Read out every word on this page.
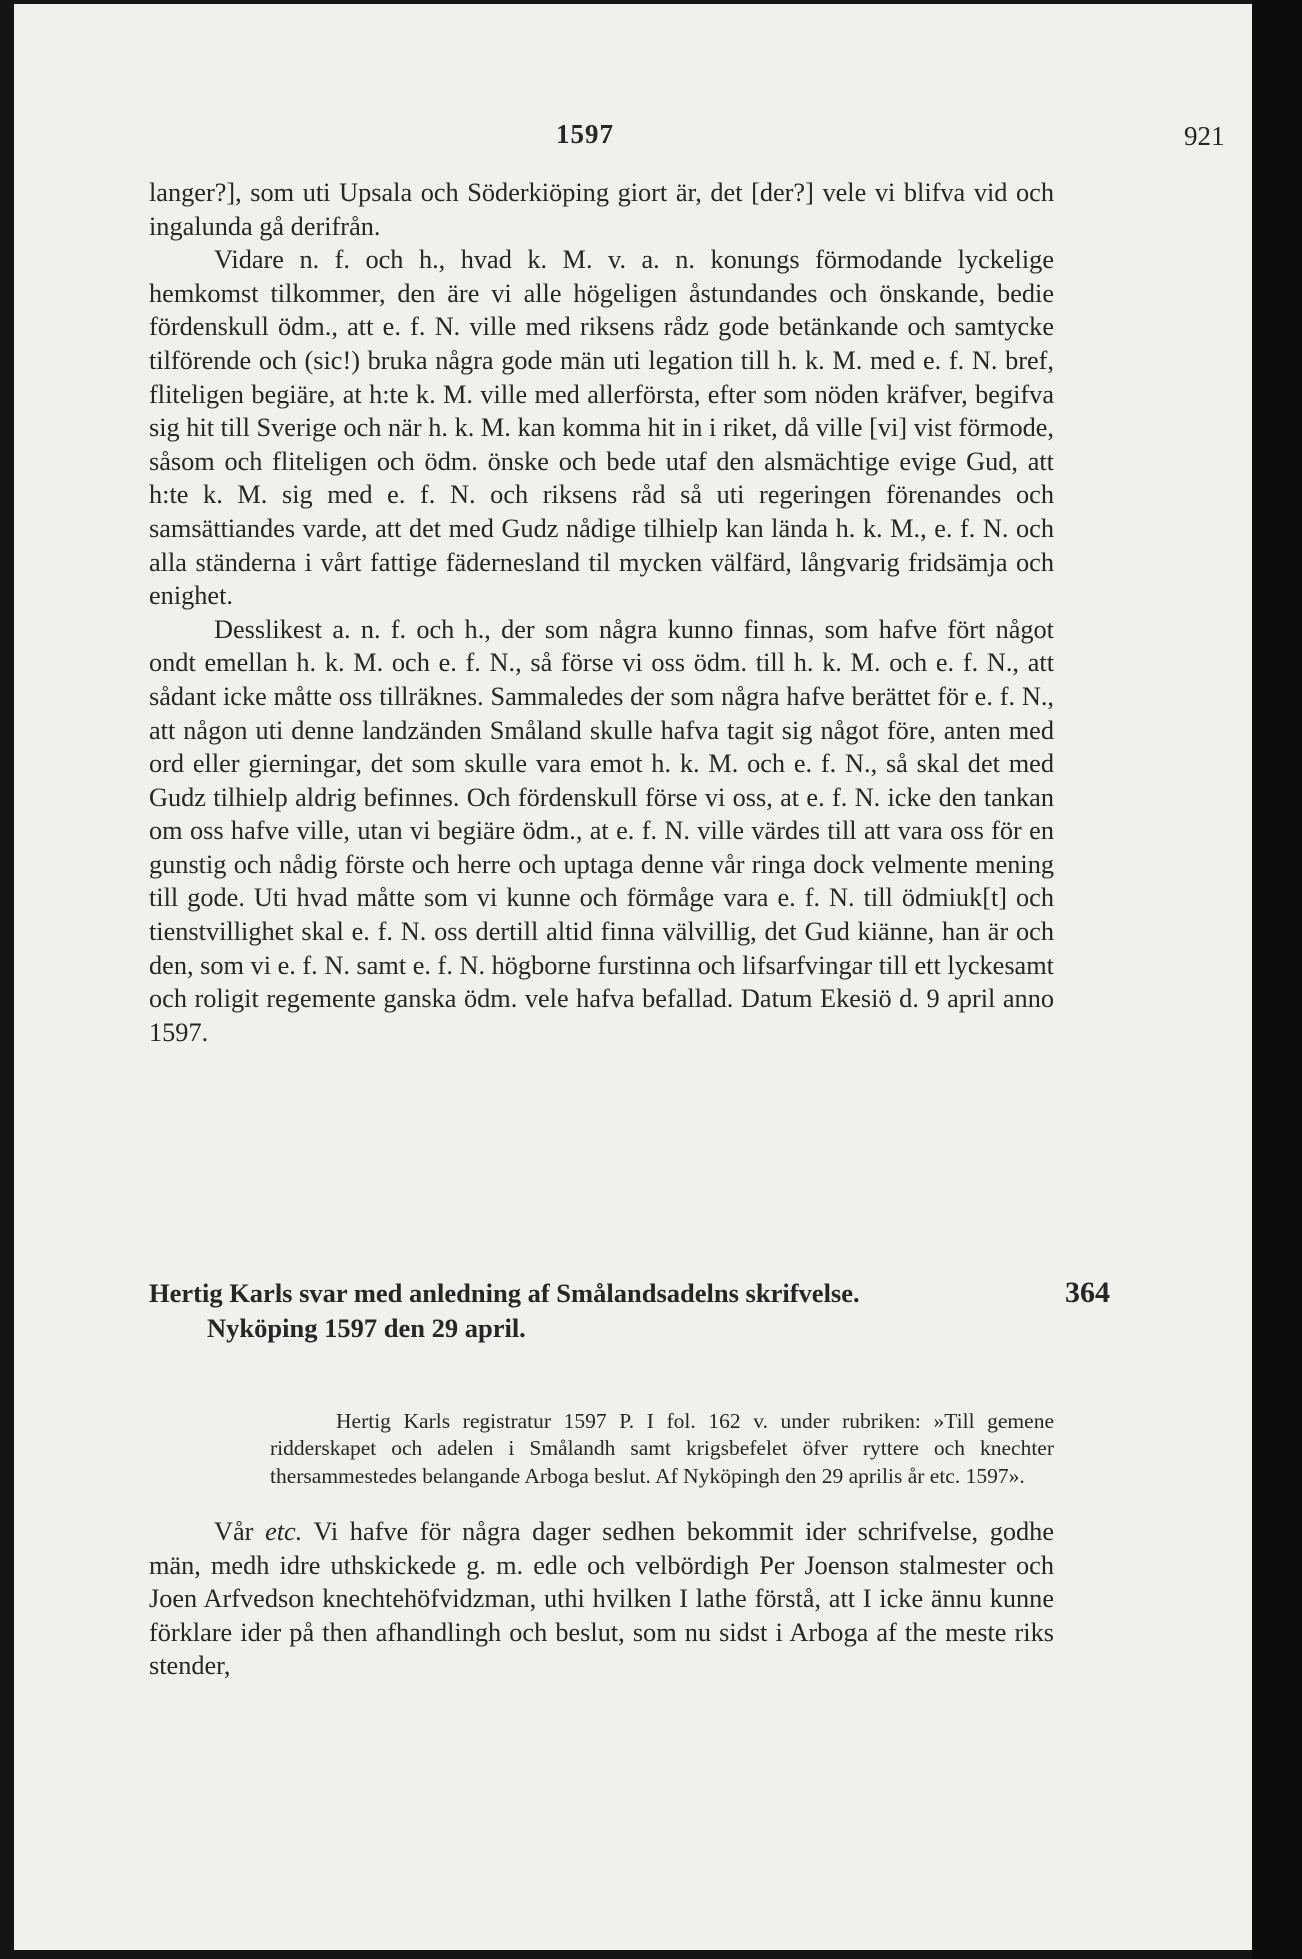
1597	921

langer?], som uti Upsala och Söderkiöping giort är, det [der?] vele vi blifva vid och ingalunda gå derifrån.

Vidare n. f. och h., hvad k. M. v. a. n. konungs förmodande lyckelige hemkomst tilkommer, den äre vi alle högeligen åstundandes och önskande, bedie fördenskull ödm., att e. f. N. ville med riksens rådz gode betänkande och samtycke tilförende och (sic!) bruka några gode män uti legation till h. k. M. med e. f. N. bref, fliteligen begiäre, at h:te k. M. ville med allerförsta, efter som nöden kräfver, begifva sig hit till Sverige och när h. k. M. kan komma hit in i riket, då ville [vi] vist förmode, såsom och fliteligen och ödm. önske och bede utaf den alsmächtige evige Gud, att h:te k. M. sig med e. f. N. och riksens råd så uti regeringen förenandes och samsättiandes varde, att det med Gudz nådige tilhielp kan lända h. k. M., e. f. N. och alla ständerna i vårt fattige fädernesland til mycken välfärd, långvarig fridsämja och enighet.

Desslikest a. n. f. och h., der som några kunno finnas, som hafve fört något ondt emellan h. k. M. och e. f. N., så förse vi oss ödm. till h. k. M. och e. f. N., att sådant icke måtte oss tillräknes. Sammaledes der som några hafve berättet för e. f. N., att någon uti denne landzänden Småland skulle hafva tagit sig något före, anten med ord eller gierningar, det som skulle vara emot h. k. M. och e. f. N., så skal det med Gudz tilhielp aldrig befinnes. Och fördenskull förse vi oss, at e. f. N. icke den tankan om oss hafve ville, utan vi begiäre ödm., at e. f. N. ville värdes till att vara oss för en gunstig och nådig förste och herre och uptaga denne vår ringa dock velmente mening till gode. Uti hvad måtte som vi kunne och förmåge vara e. f. N. till ödmiuk[t] och tienstvillighet skal e. f. N. oss dertill altid finna välvillig, det Gud kiänne, han är och den, som vi e. f. N. samt e. f. N. högborne furstinna och lifsarfvingar till ett lyckesamt och roligit regemente ganska ödm. vele hafva befallad. Datum Ekesiö d. 9 april anno 1597.

Hertig Karls svar med anledning af Smålandsadelns skrifvelse.
Nyköping 1597 den 29 april.
364

Hertig Karls registratur 1597 P. I fol. 162 v. under rubriken: »Till gemene ridderskapet och adelen i Smålandh samt krigsbefelet öfver ryttere och knechter thersammestedes belangande Arboga beslut. Af Nyköpingh den 29 aprilis år etc. 1597».

Vår etc. Vi hafve för några dager sedhen bekommit ider schrifvelse, godhe män, medh idre uthskickede g. m. edle och velbördigh Per Joenson stalmester och Joen Arfvedson knechtehöfvidzman, uthi hvilken I lathe förstå, att I icke ännu kunne förklare ider på then afhandlingh och beslut, som nu sidst i Arboga af the meste riks stender,
